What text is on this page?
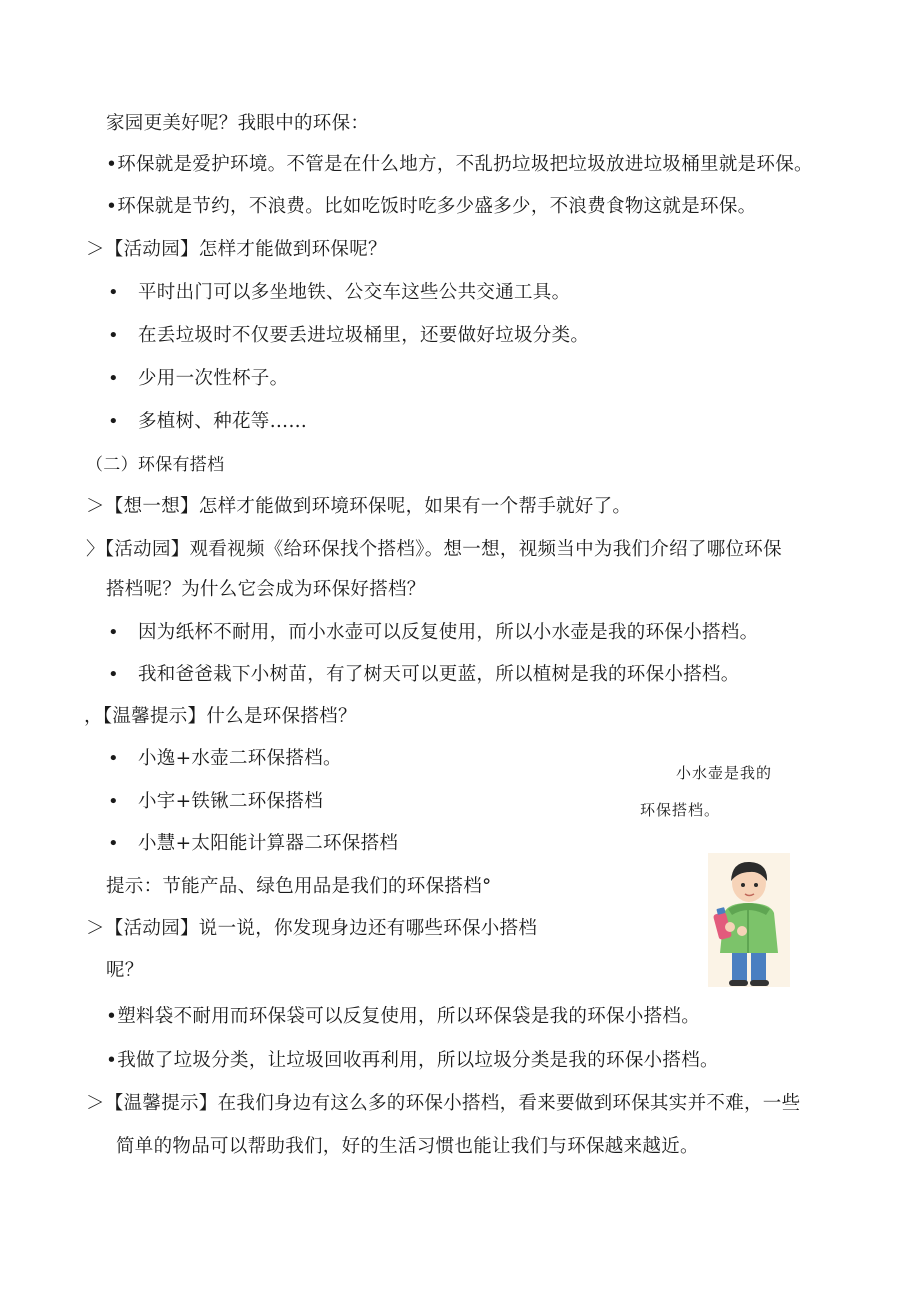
家园更美好呢？我眼中的环保：
•环保就是爱护环境。不管是在什么地方，不乱扔垃圾把垃圾放进垃圾桶里就是环保。
•环保就是节约，不浪费。比如吃饭时吃多少盛多少，不浪费食物这就是环保。
＞【活动园】怎样才能做到环保呢？
• 平时出门可以多坐地铁、公交车这些公共交通工具。
• 在丢垃圾时不仅要丢进垃圾桶里，还要做好垃圾分类。
• 少用一次性杯子。
• 多植树、种花等……
（二）环保有搭档
＞【想一想】怎样才能做到环境环保呢，如果有一个帮手就好了。
〉【活动园】观看视频《给环保找个搭档》。想一想，视频当中为我们介绍了哪位环保
搭档呢？为什么它会成为环保好搭档？
• 因为纸杯不耐用，而小水壶可以反复使用，所以小水壶是我的环保小搭档。
• 我和爸爸栽下小树苗，有了树天可以更蓝，所以植树是我的环保小搭档。
，【温馨提示】什么是环保搭档？
• 小逸+水壶二环保搭档。
• 小宇+铁锹二环保搭档
• 小慧+太阳能计算器二环保搭档
提示：节能产品、绿色用品是我们的环保搭档°
＞【活动园】说一说，你发现身边还有哪些环保小搭档
呢？
•塑料袋不耐用而环保袋可以反复使用，所以环保袋是我的环保小搭档。
•我做了垃圾分类，让垃圾回收再利用，所以垃圾分类是我的环保小搭档。
＞【温馨提示】在我们身边有这么多的环保小搭档，看来要做到环保其实并不难，一些
简单的物品可以帮助我们，好的生活习惯也能让我们与环保越来越近。
小水壶是我的
环保搭档。
